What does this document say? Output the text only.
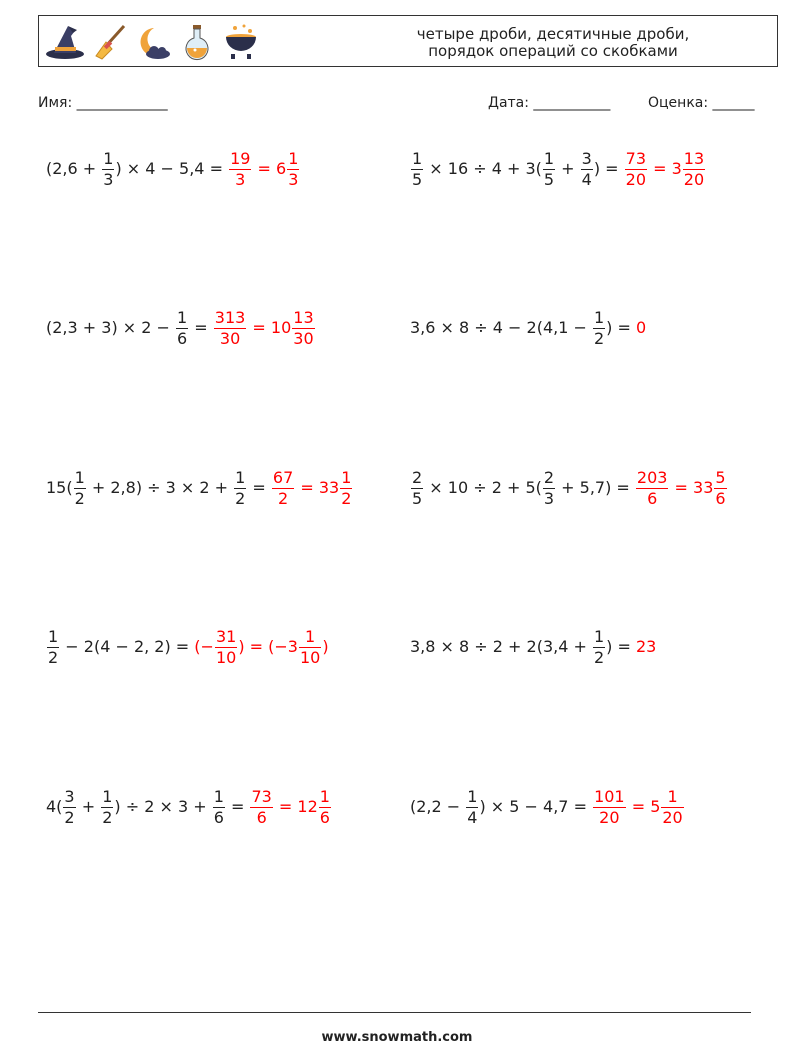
четыре дроби, десятичные дроби,
порядок операций со скобками
Имя: _____________	Дата: ___________	Оценка: ______
($2,6 + \frac{1}{3}$ ) × $4 - 5,4 = \frac{19}{3} = 6 \frac{1}{3}$	$\frac{1}{5} \times 16 \div 4 + 3( \frac{1}{5} + \frac{3}{4}$ ) = $\frac{73}{20} = 3 \frac{13}{20}$
$(2,3 + 3) \times 2 - \frac{1}{6} = \frac{313}{30} = 10 \frac{13}{30}$	$3,6 \times 8 \div 4 - 2(4,1 - \frac{1}{2}$ ) = 0
$15( \frac{1}{2} + 2,8) \div 3 \times 2 + \frac{1}{2} = \frac{67}{2} = 33 \frac{1}{2}$	$\frac{2}{5} \times 10 \div 2 + 5( \frac{2}{3} + 5,7) = \frac{203}{6} = 33 \frac{5}{6}$
$\frac{1}{2} - 2(4 - 2$, 2) = (− $\frac{31}{10}$ ) = ($-3 \frac{1}{10}$ )	$3,8 \times 8 \div 2 + 2(3,4 + \frac{1}{2}$ ) = 23
$4( \frac{3}{2} + \frac{1}{2}$ ) ÷ $2 \times 3 + \frac{1}{6} = \frac{73}{6} = 12 \frac{1}{6}$	($2,2 - \frac{1}{4}$ ) × $5 - 4,7 = \frac{101}{20} = 5 \frac{1}{20}$
www.snowmath.com
